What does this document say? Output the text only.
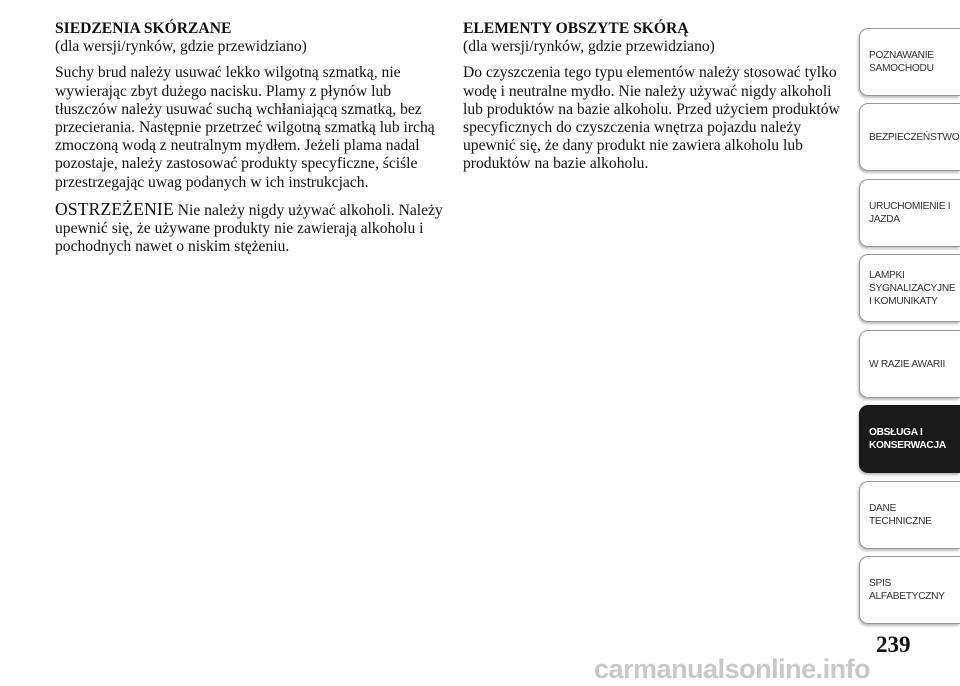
SIEDZENIA SKÓRZANE

(dla wersji/rynków, gdzie przewidziano)

Suchy brud należy usuwać lekko wilgotną szmatką, nie wywierając zbyt dużego nacisku. Plamy z płynów lub tłuszczów należy usuwać suchą wchłaniającą szmatką, bez przecierania. Następnie przetrzeć wilgotną szmatką lub irchą zmoczoną wodą z neutralnym mydłem. Jeżeli plama nadal pozostaje, należy zastosować produkty specyficzne, ściśle przestrzegając uwag podanych w ich instrukcjach.

OSTRZEŻENIE Nie należy nigdy używać alkoholi. Należy upewnić się, że używane produkty nie zawierają alkoholu i pochodnych nawet o niskim stężeniu.

ELEMENTY OBSZYTE SKÓRĄ

(dla wersji/rynków, gdzie przewidziano)

Do czyszczenia tego typu elementów należy stosować tylko wodę i neutralne mydło. Nie należy używać nigdy alkoholi lub produktów na bazie alkoholu. Przed użyciem produktów specyficznych do czyszczenia wnętrza pojazdu należy upewnić się, że dany produkt nie zawiera alkoholu lub produktów na bazie alkoholu.

POZNAWANIE
SAMOCHODU
BEZPIECZEŃSTWO
URUCHOMIENIE I
JAZDA
LAMPKI
SYGNALIZACYJNE
I KOMUNIKATY
W RAZIE AWARII
OBSŁUGA I
KONSERWACJA
DANE
TECHNICZNE
SPIS
ALFABETYCZNY
239
carmanualsonline.info
